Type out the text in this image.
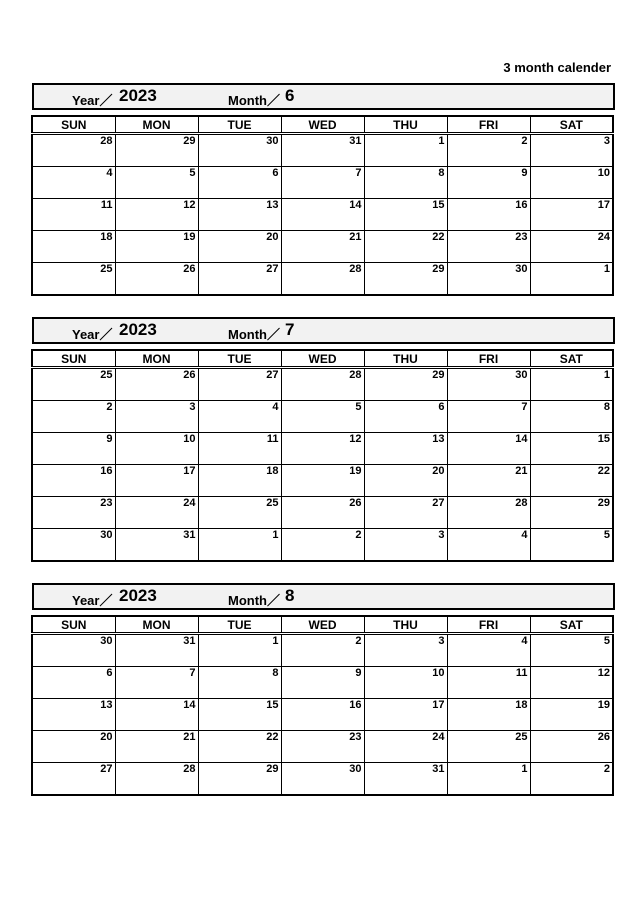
3 month calender
Year／ 2023	Month／ 6
SUN	MON	TUE	WED	THU	FRI	SAT
28	29	30	31	1	2	3
4	5	6	7	8	9	10
11	12	13	14	15	16	17
18	19	20	21	22	23	24
25	26	27	28	29	30	1
Year／ 2023	Month／ 7
SUN	MON	TUE	WED	THU	FRI	SAT
25	26	27	28	29	30	1
2	3	4	5	6	7	8
9	10	11	12	13	14	15
16	17	18	19	20	21	22
23	24	25	26	27	28	29
30	31	1	2	3	4	5
Year／ 2023	Month／ 8
SUN	MON	TUE	WED	THU	FRI	SAT
30	31	1	2	3	4	5
6	7	8	9	10	11	12
13	14	15	16	17	18	19
20	21	22	23	24	25	26
27	28	29	30	31	1	2
